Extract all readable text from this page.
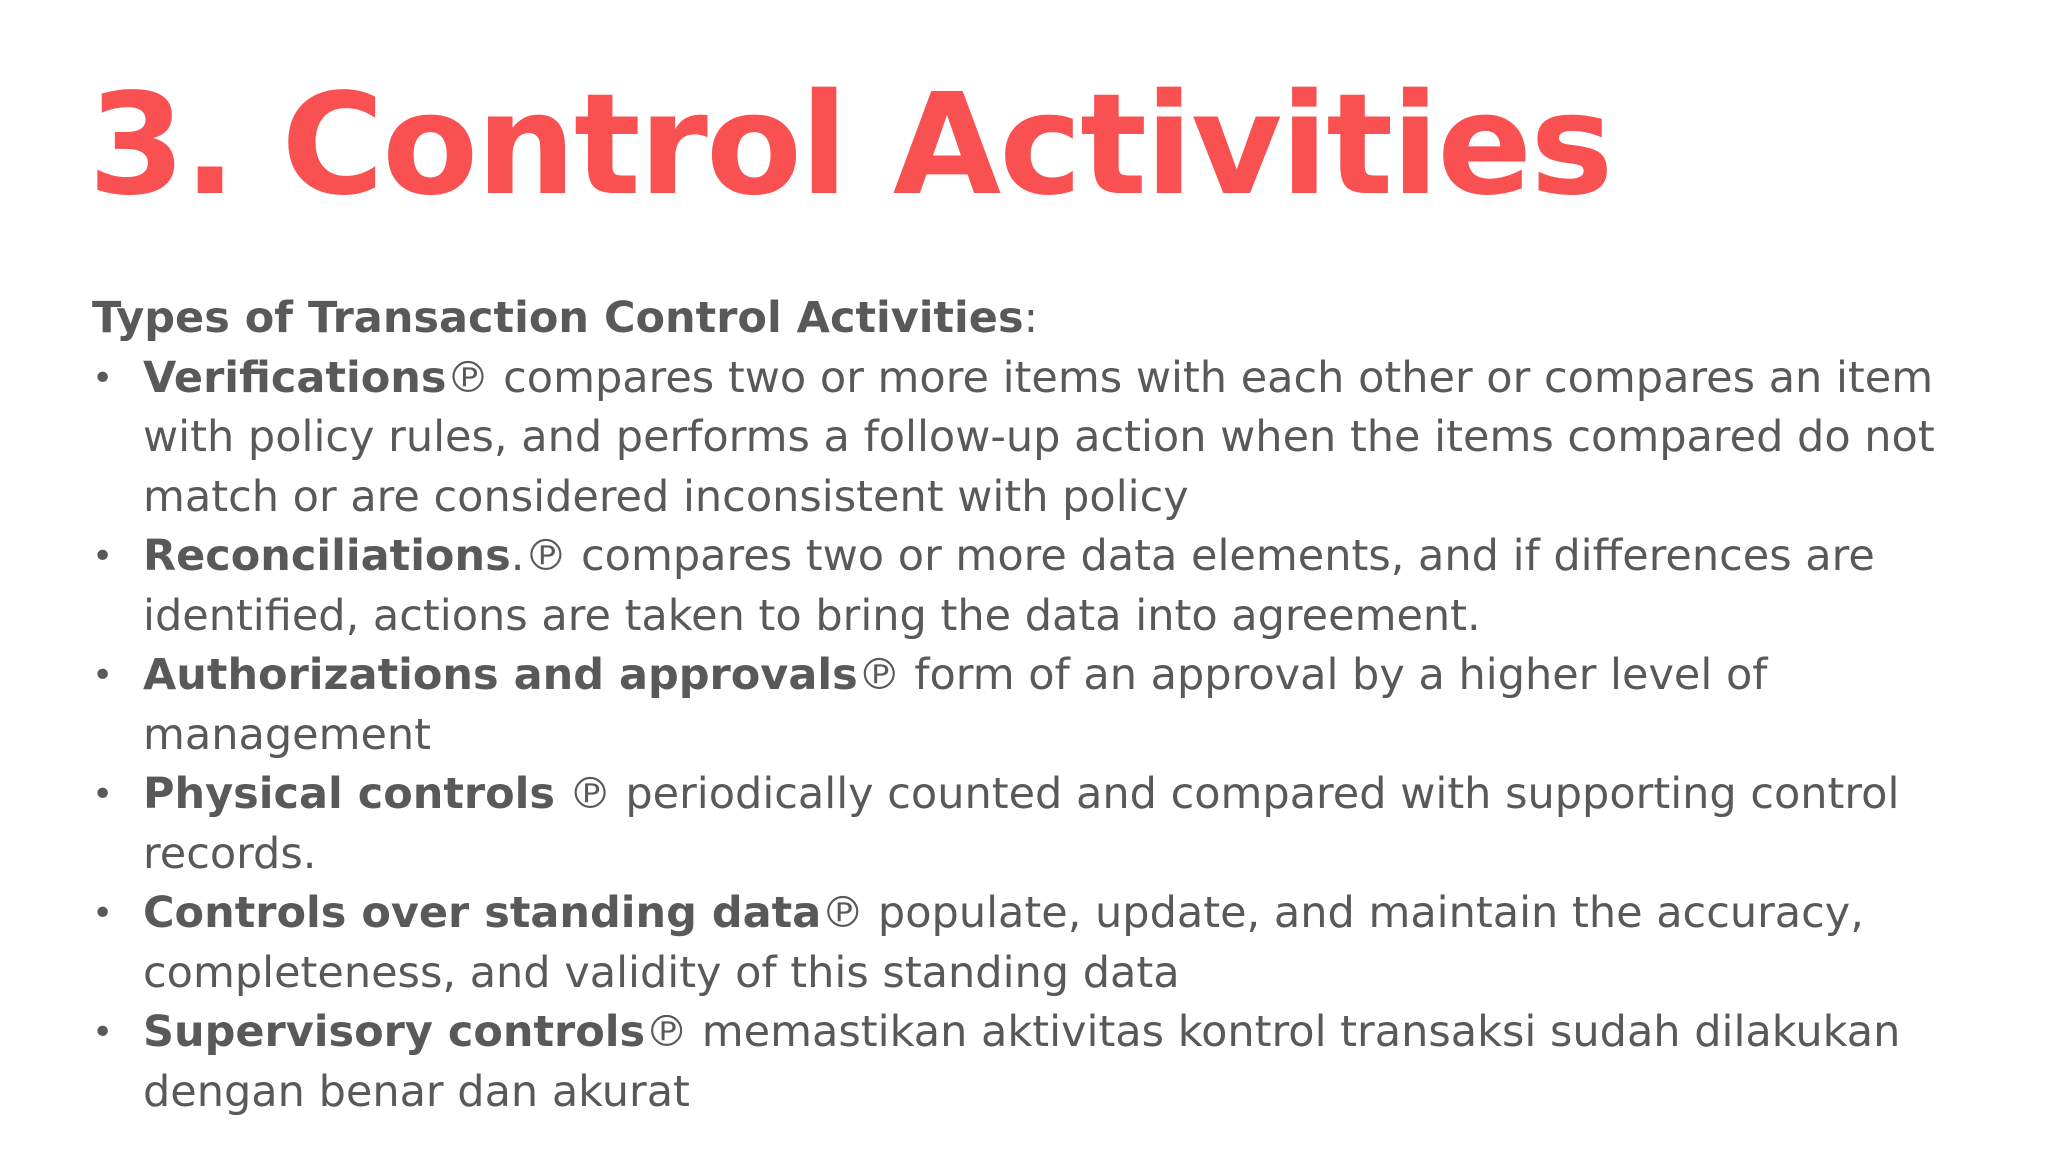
3. Control Activities

Types of Transaction Control Activities:

• Verifications℗ compares two or more items with each other or compares an item with policy rules, and performs a follow-up action when the items compared do not match or are considered inconsistent with policy
• Reconciliations.℗ compares two or more data elements, and if differences are identified, actions are taken to bring the data into agreement.
• Authorizations and approvals℗ form of an approval by a higher level of management
• Physical controls ℗ periodically counted and compared with supporting control records.
• Controls over standing data℗ populate, update, and maintain the accuracy, completeness, and validity of this standing data
• Supervisory controls℗ memastikan aktivitas kontrol transaksi sudah dilakukan dengan benar dan akurat
